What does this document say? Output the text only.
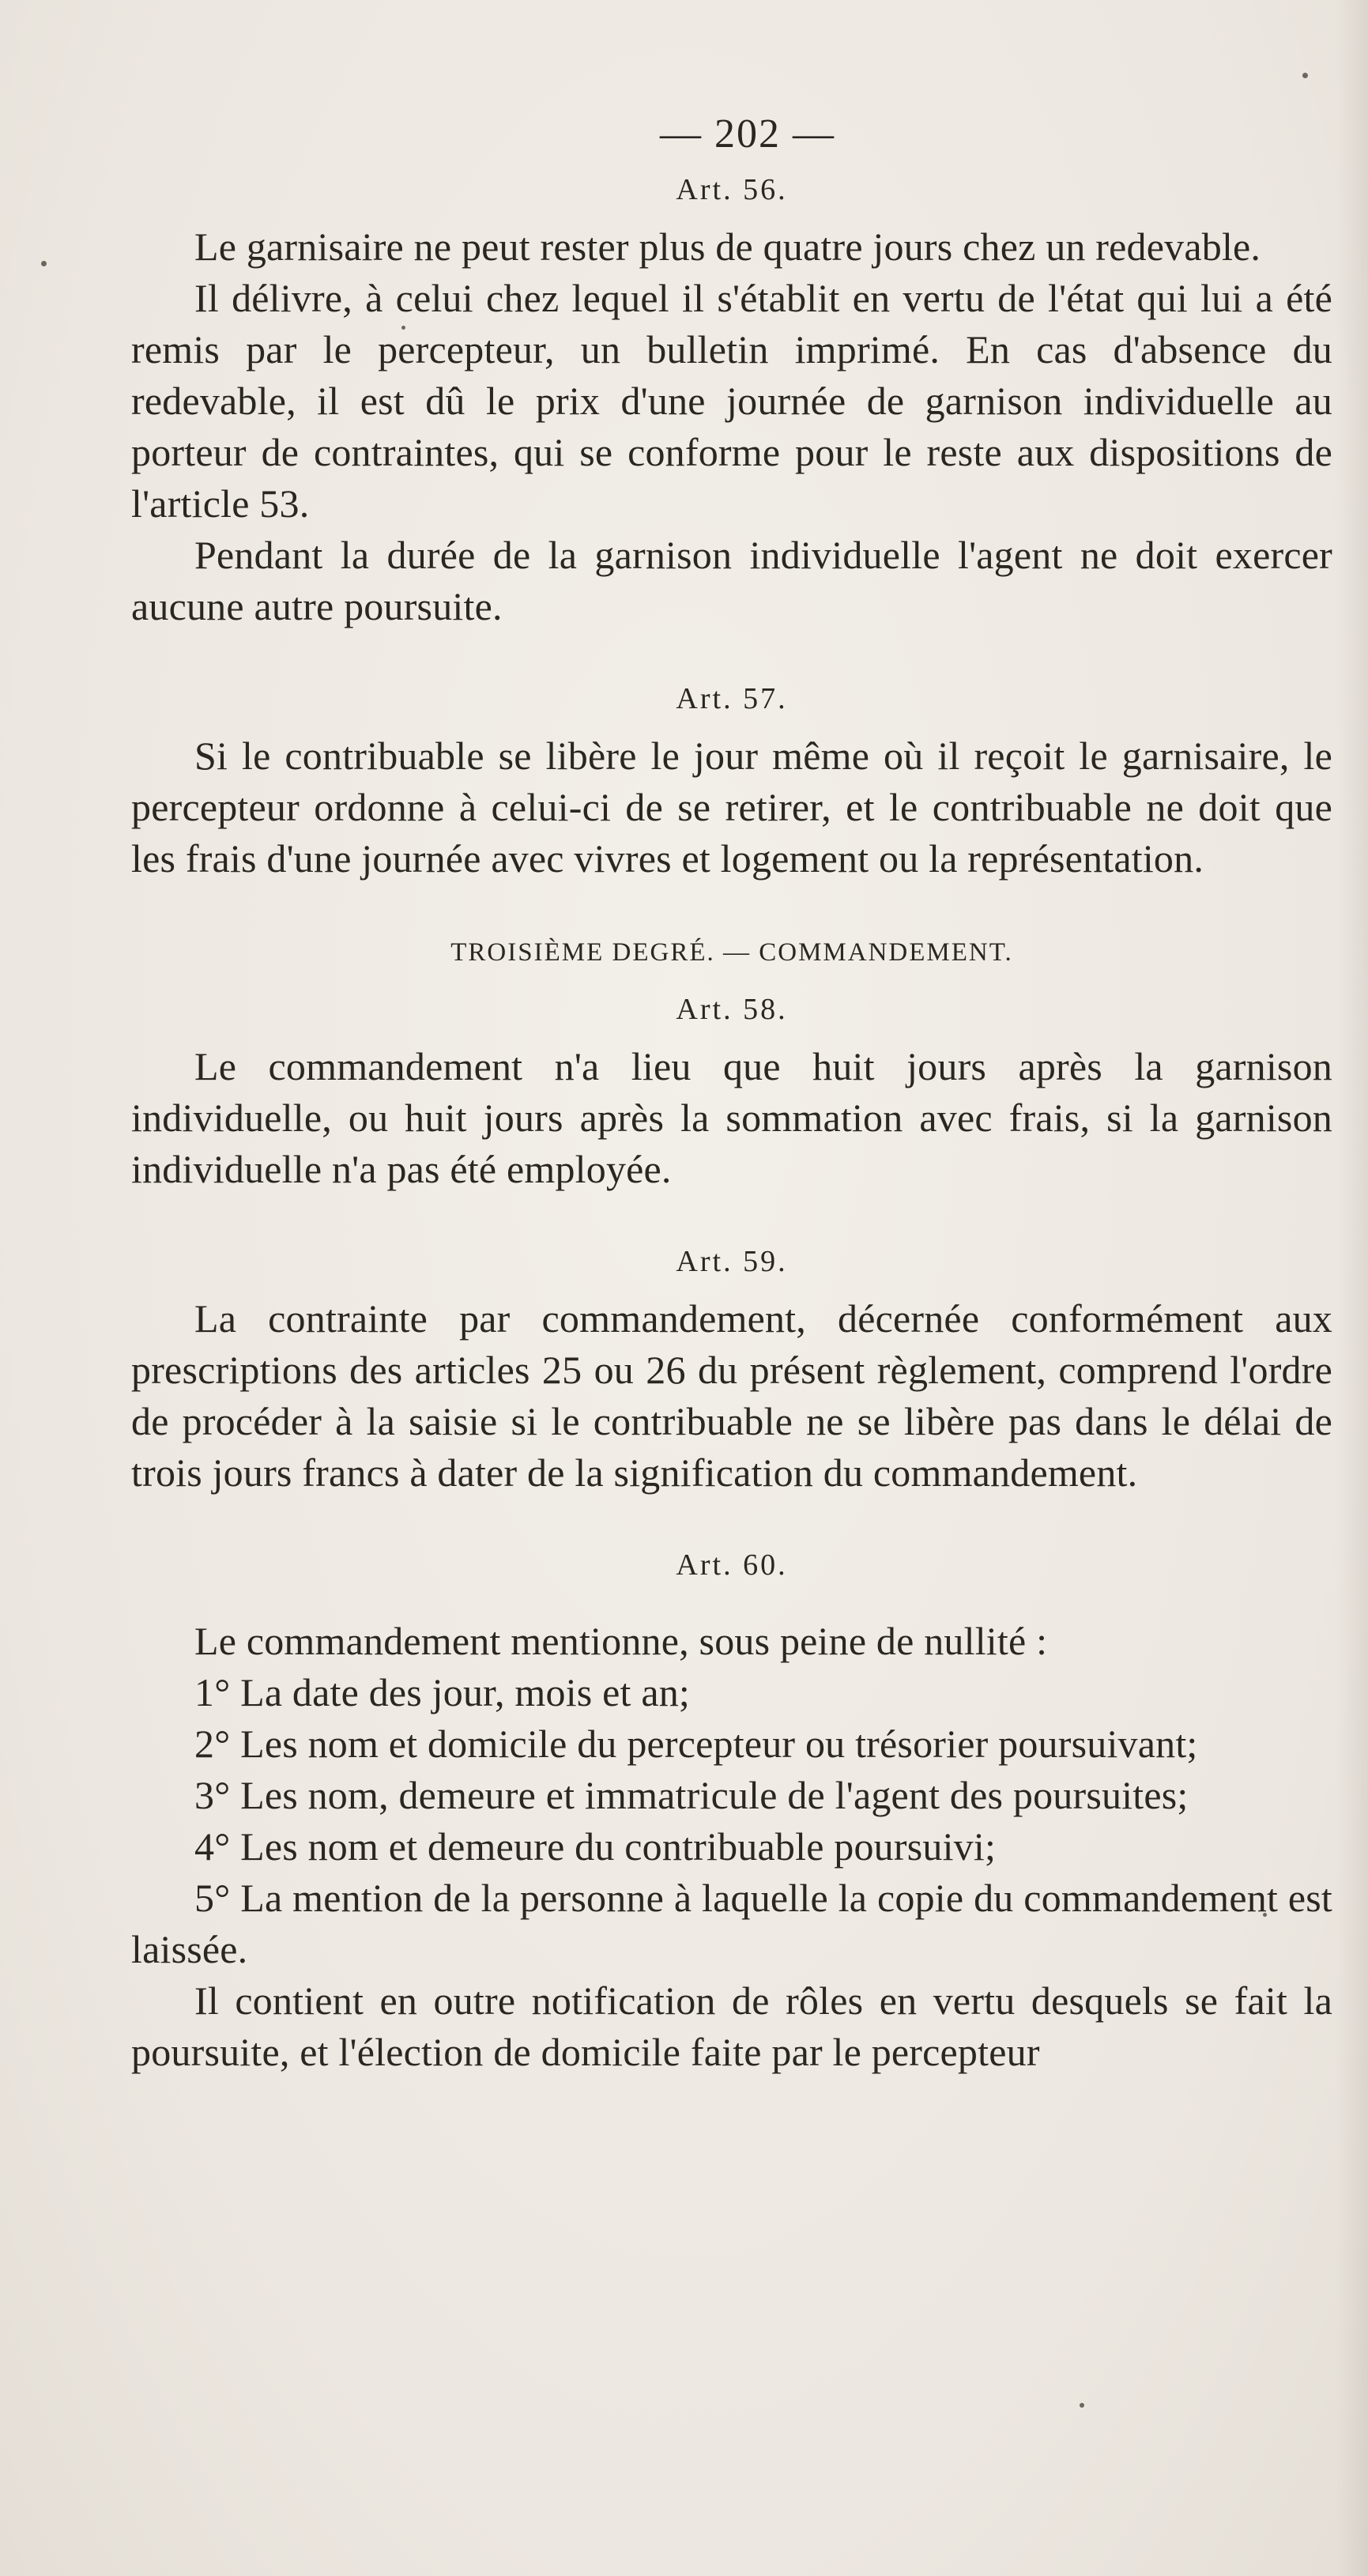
— 202 —
Art. 56.

Le garnisaire ne peut rester plus de quatre jours chez un redevable.

Il délivre, à celui chez lequel il s'établit en vertu de l'état qui lui a été remis par le percepteur, un bulletin imprimé. En cas d'absence du redevable, il est dû le prix d'une journée de garnison individuelle au porteur de contraintes, qui se conforme pour le reste aux dispositions de l'article 53.

Pendant la durée de la garnison individuelle l'agent ne doit exercer aucune autre poursuite.

Art. 57.

Si le contribuable se libère le jour même où il reçoit le garnisaire, le percepteur ordonne à celui-ci de se retirer, et le contribuable ne doit que les frais d'une journée avec vivres et logement ou la représentation.

TROISIÈME DEGRÉ. — COMMANDEMENT.
Art. 58.

Le commandement n'a lieu que huit jours après la garnison individuelle, ou huit jours après la sommation avec frais, si la garnison individuelle n'a pas été employée.

Art. 59.

La contrainte par commandement, décernée conformément aux prescriptions des articles 25 ou 26 du présent règlement, comprend l'ordre de procéder à la saisie si le contribuable ne se libère pas dans le délai de trois jours francs à dater de la signification du commandement.

Art. 60.

Le commandement mentionne, sous peine de nullité :

1° La date des jour, mois et an;

2° Les nom et domicile du percepteur ou trésorier poursuivant;

3° Les nom, demeure et immatricule de l'agent des poursuites;

4° Les nom et demeure du contribuable poursuivi;

5° La mention de la personne à laquelle la copie du commandement est laissée.

Il contient en outre notification de rôles en vertu desquels se fait la poursuite, et l'élection de domicile faite par le percepteur
